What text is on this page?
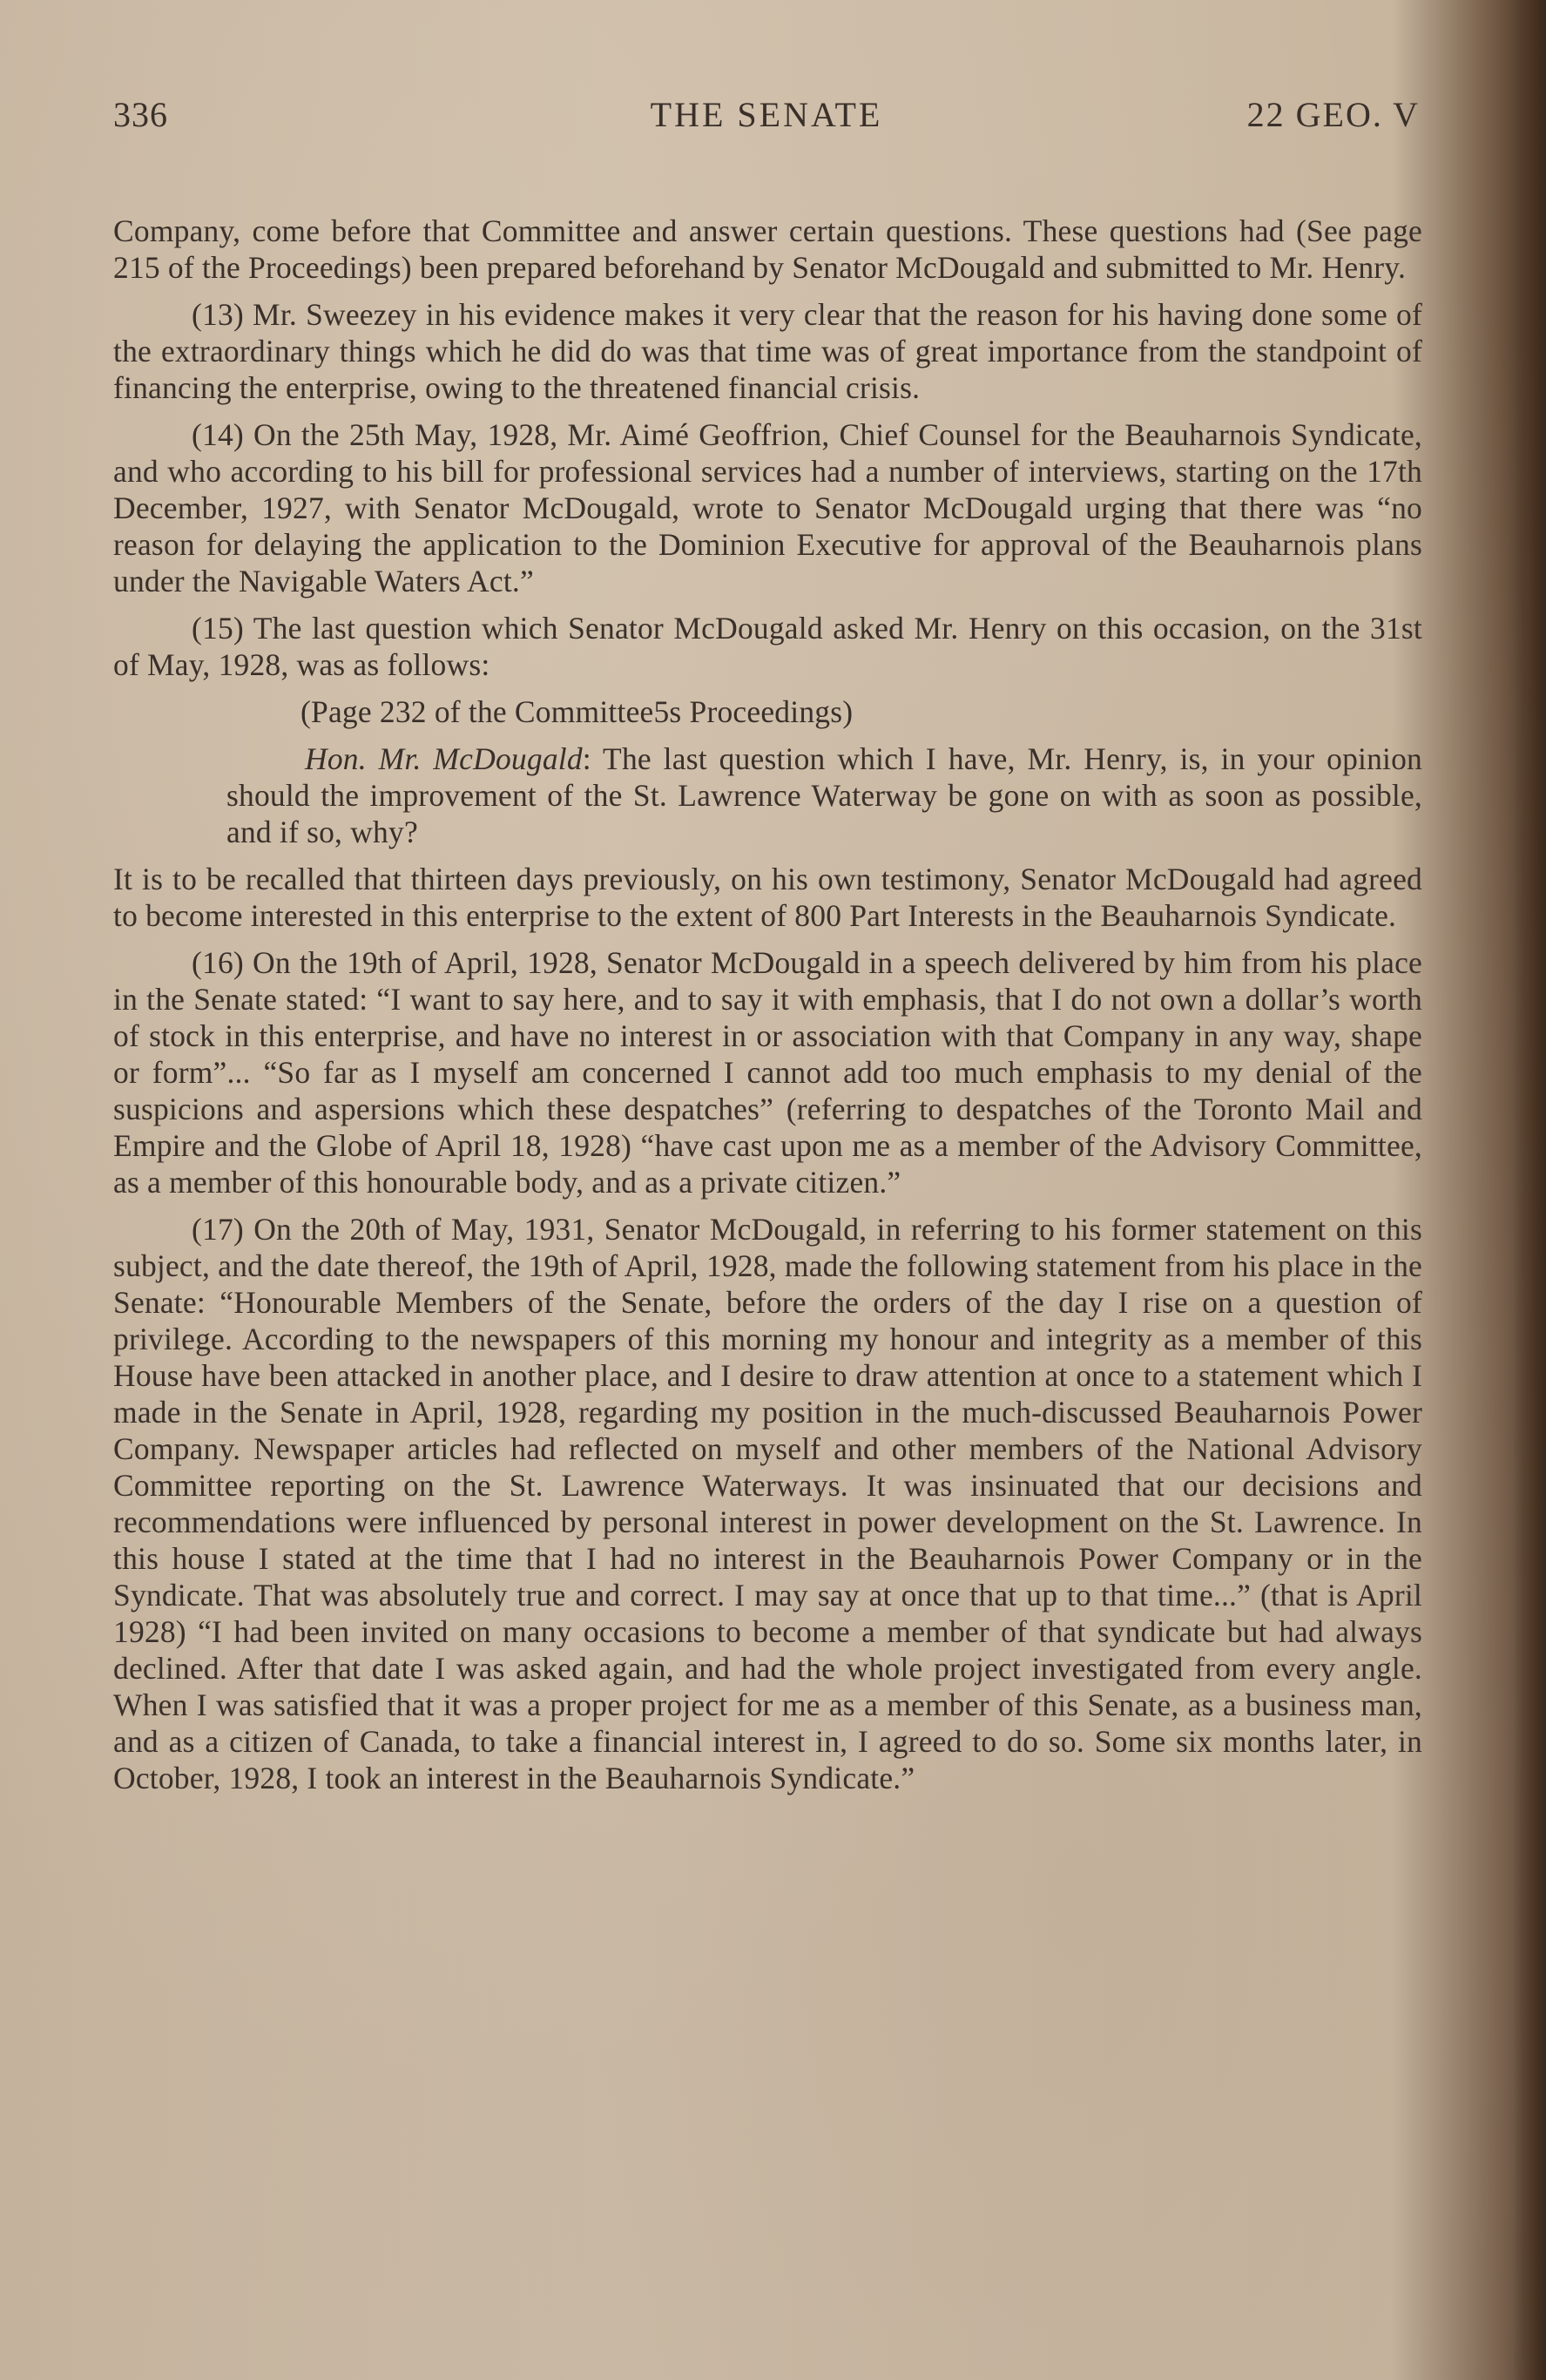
336	THE SENATE	22 GEO. V

Company, come before that Committee and answer certain questions. These questions had (See page 215 of the Proceedings) been prepared beforehand by Senator McDougald and submitted to Mr. Henry.

(13) Mr. Sweezey in his evidence makes it very clear that the reason for his having done some of the extraordinary things which he did do was that time was of great importance from the standpoint of financing the enterprise, owing to the threatened financial crisis.

(14) On the 25th May, 1928, Mr. Aimé Geoffrion, Chief Counsel for the Beauharnois Syndicate, and who according to his bill for professional services had a number of interviews, starting on the 17th December, 1927, with Senator McDougald, wrote to Senator McDougald urging that there was “no reason for delaying the application to the Dominion Executive for approval of the Beauharnois plans under the Navigable Waters Act.”

(15) The last question which Senator McDougald asked Mr. Henry on this occasion, on the 31st of May, 1928, was as follows:

(Page 232 of the Committee5s Proceedings)

Hon. Mr. McDougald: The last question which I have, Mr. Henry, is, in your opinion should the improvement of the St. Lawrence Waterway be gone on with as soon as possible, and if so, why?

It is to be recalled that thirteen days previously, on his own testimony, Senator McDougald had agreed to become interested in this enterprise to the extent of 800 Part Interests in the Beauharnois Syndicate.

(16) On the 19th of April, 1928, Senator McDougald in a speech delivered by him from his place in the Senate stated: “I want to say here, and to say it with emphasis, that I do not own a dollar’s worth of stock in this enterprise, and have no interest in or association with that Company in any way, shape or form”... “So far as I myself am concerned I cannot add too much emphasis to my denial of the suspicions and aspersions which these despatches” (referring to despatches of the Toronto Mail and Empire and the Globe of April 18, 1928) “have cast upon me as a member of the Advisory Committee, as a member of this honourable body, and as a private citizen.”

(17) On the 20th of May, 1931, Senator McDougald, in referring to his former statement on this subject, and the date thereof, the 19th of April, 1928, made the following statement from his place in the Senate: “Honourable Members of the Senate, before the orders of the day I rise on a question of privilege. According to the newspapers of this morning my honour and integrity as a member of this House have been attacked in another place, and I desire to draw attention at once to a statement which I made in the Senate in April, 1928, regarding my position in the much-discussed Beauharnois Power Company. Newspaper articles had reflected on myself and other members of the National Advisory Committee reporting on the St. Lawrence Waterways. It was insinuated that our decisions and recommendations were influenced by personal interest in power development on the St. Lawrence. In this house I stated at the time that I had no interest in the Beauharnois Power Company or in the Syndicate. That was absolutely true and correct. I may say at once that up to that time...” (that is April 1928) “I had been invited on many occasions to become a member of that syndicate but had always declined. After that date I was asked again, and had the whole project investigated from every angle. When I was satisfied that it was a proper project for me as a member of this Senate, as a business man, and as a citizen of Canada, to take a financial interest in, I agreed to do so. Some six months later, in October, 1928, I took an interest in the Beauharnois Syndicate.”
